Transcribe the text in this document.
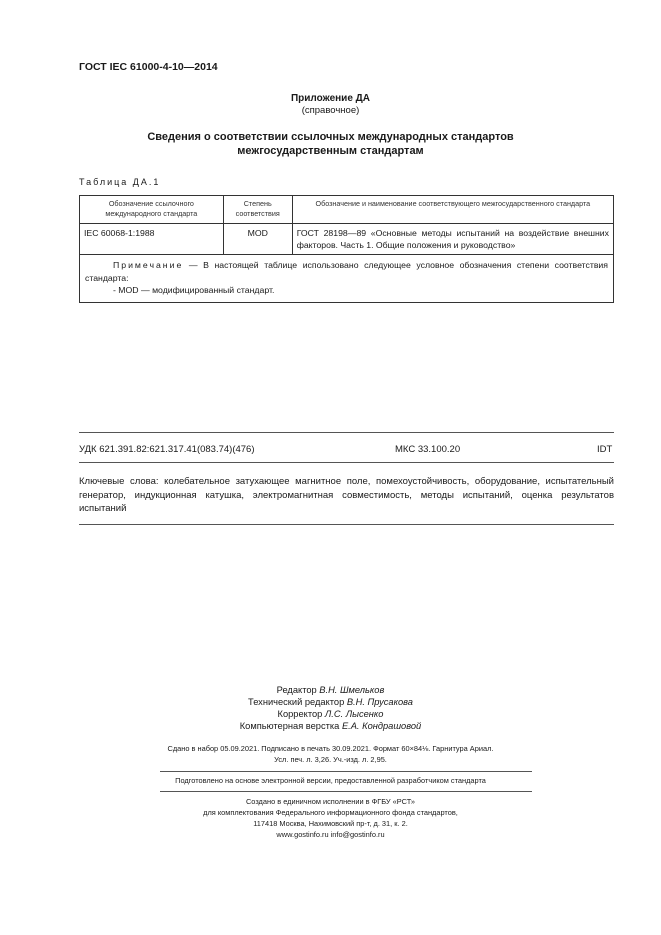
ГОСТ IEC 61000-4-10—2014
Приложение ДА
(справочное)
Сведения о соответствии ссылочных международных стандартов
межгосударственным стандартам
Таблица ДА.1
Обозначение ссылочного международного стандарта	Степень соответствия	Обозначение и наименование соответствующего межгосударственного стандарта
IEC 60068-1:1988	MOD	ГОСТ 28198—89 «Основные методы испытаний на воздействие внешних факторов. Часть 1. Общие положения и руководство»

Примечание — В настоящей таблице использовано следующее условное обозначения степени соответствия стандарта:
- MOD — модифицированный стандарт.		
УДК 621.391.82:621.317.41(083.74)(476)	МКС 33.100.20	IDT
Ключевые слова: колебательное затухающее магнитное поле, помехоустойчивость, оборудование, испытательный генератор, индукционная катушка, электромагнитная совместимость, методы испытаний, оценка результатов испытаний
Редактор В.Н. Шмельков
Технический редактор В.Н. Прусакова
Корректор Л.С. Лысенко
Компьютерная верстка Е.А. Кондрашовой
Сдано в набор 05.09.2021. Подписано в печать 30.09.2021. Формат 60×84⅛. Гарнитура Ариал.
Усл. печ. л. 3,26. Уч.-изд. л. 2,95.
Подготовлено на основе электронной версии, предоставленной разработчиком стандарта
Создано в единичном исполнении в ФГБУ «РСТ»
для комплектования Федерального информационного фонда стандартов,
117418 Москва, Нахимовский пр-т, д. 31, к. 2.
www.gostinfo.ru info@gostinfo.ru
